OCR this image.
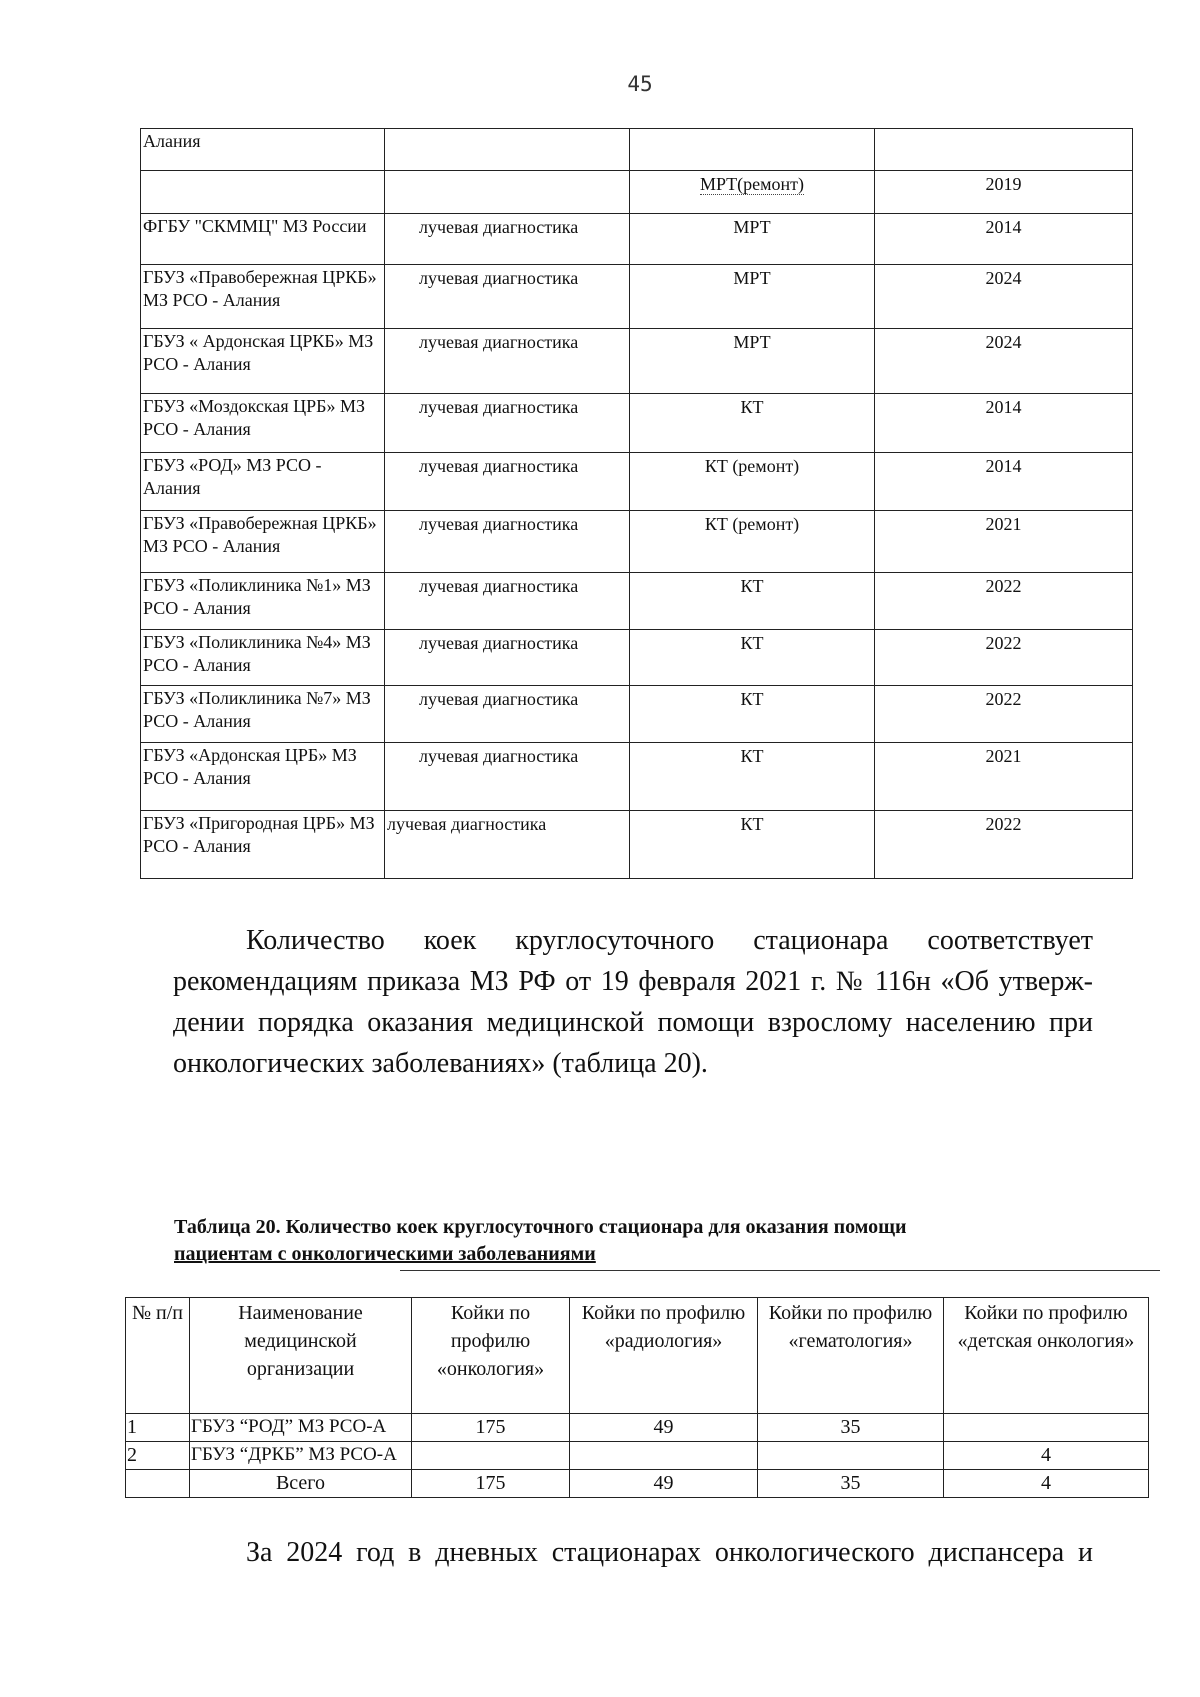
45
Алания			
		МРТ(ремонт)	2019
ФГБУ "СКММЦ" МЗ России	лучевая диагностика	МРТ	2014
ГБУЗ «Правобережная ЦРКБ» МЗ РСО - Алания	лучевая диагностика	МРТ	2024
ГБУЗ « Ардонская ЦРКБ» МЗ РСО - Алания	лучевая диагностика	МРТ	2024
ГБУЗ «Моздокская ЦРБ» МЗ РСО - Алания	лучевая диагностика	КТ	2014
ГБУЗ «РОД» МЗ РСО - Алания	лучевая диагностика	КТ (ремонт)	2014
ГБУЗ «Правобережная ЦРКБ» МЗ РСО - Алания	лучевая диагностика	КТ (ремонт)	2021
ГБУЗ «Поликлиника №1» МЗ РСО - Алания	лучевая диагностика	КТ	2022
ГБУЗ «Поликлиника №4» МЗ РСО - Алания	лучевая диагностика	КТ	2022
ГБУЗ «Поликлиника №7» МЗ РСО - Алания	лучевая диагностика	КТ	2022
ГБУЗ «Ардонская ЦРБ» МЗ РСО - Алания	лучевая диагностика	КТ	2021
ГБУЗ «Пригородная ЦРБ» МЗ РСО - Алания	лучевая диагностика	КТ	2022

Количество коек круглосуточного стационара соответствует

рекомендациям приказа МЗ РФ от 19 февраля 2021 г. № 116н «Об утверж-

дении порядка оказания медицинской помощи взрослому населению при

онкологических заболеваниях» (таблица 20).

Таблица 20. Количество коек круглосуточного стационара для оказания помощи
пациентам с онкологическими заболеваниями
№ п/п	Наименование медицинской организации	Койки по профилю «онкология»	Койки по профилю «радиология»	Койки по профилю «гематология»	Койки по профилю «детская онкология»
1	ГБУЗ “РОД” МЗ РСО-А	175	49	35	
2	ГБУЗ “ДРКБ” МЗ РСО-А				4
	Всего	175	49	35	4

За 2024 год в дневных стационарах онкологического диспансера и
